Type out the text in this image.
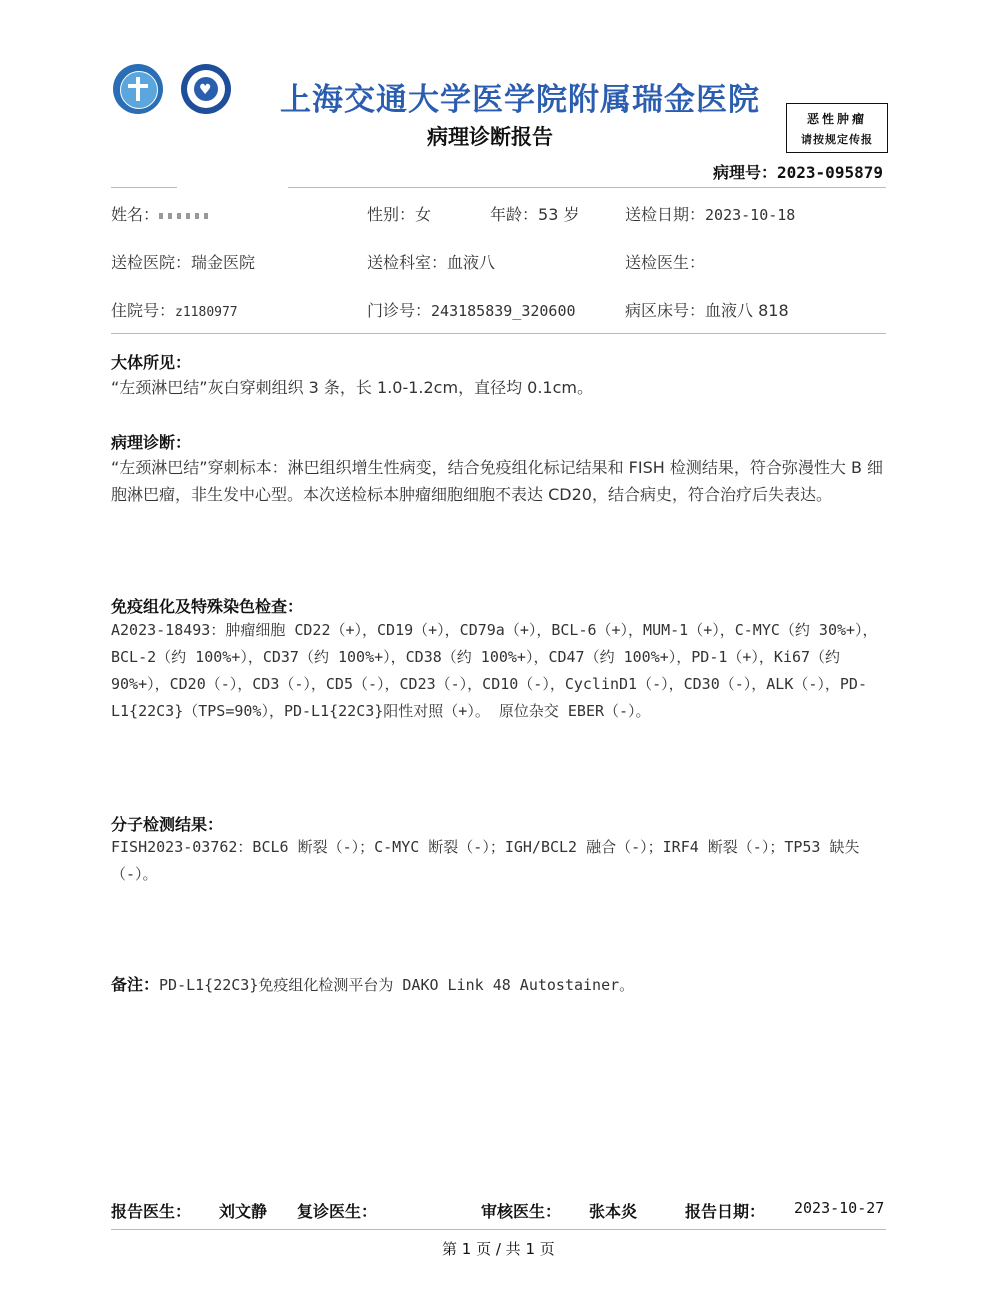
♥ 上海交通大学医学院附属瑞金医院
病理诊断报告
恶性肿瘤
请按规定传报
病理号：2023-095879
姓名：	性别：女	年龄：53 岁	送检日期：2023-10-18
送检医院：瑞金医院	送检科室：血液八	送检医生：
住院号：z1180977	门诊号：243185839_320600	病区床号：血液八 818
大体所见：
“左颈淋巴结”灰白穿刺组织 3 条，长 1.0-1.2cm，直径均 0.1cm。
病理诊断：
“左颈淋巴结”穿刺标本：淋巴组织增生性病变，结合免疫组化标记结果和 FISH 检测结果，符合弥漫性大 B 细胞淋巴瘤，非生发中心型。本次送检标本肿瘤细胞细胞不表达 CD20，结合病史，符合治疗后失表达。
免疫组化及特殊染色检查：
A2023-18493：肿瘤细胞 CD22（+），CD19（+），CD79a（+），BCL-6（+），MUM-1（+），C-MYC（约 30%+），BCL-2（约 100%+），CD37（约 100%+），CD38（约 100%+），CD47（约 100%+），PD-1（+），Ki67（约 90%+），CD20（-），CD3（-），CD5（-），CD23（-），CD10（-），CyclinD1（-），CD30（-），ALK（-），PD-L1{22C3}（TPS=90%），PD-L1{22C3}阳性对照（+）。 原位杂交 EBER（-）。
分子检测结果：
FISH2023-03762：BCL6 断裂（-）；C-MYC 断裂（-）；IGH/BCL2 融合（-）；IRF4 断裂（-）；TP53 缺失（-）。
备注：PD-L1{22C3}免疫组化检测平台为 DAKO Link 48 Autostainer。
报告医生： 刘文静 复诊医生：	审核医生： 张本炎	报告日期： 2023-10-27
第 1 页 / 共 1 页
